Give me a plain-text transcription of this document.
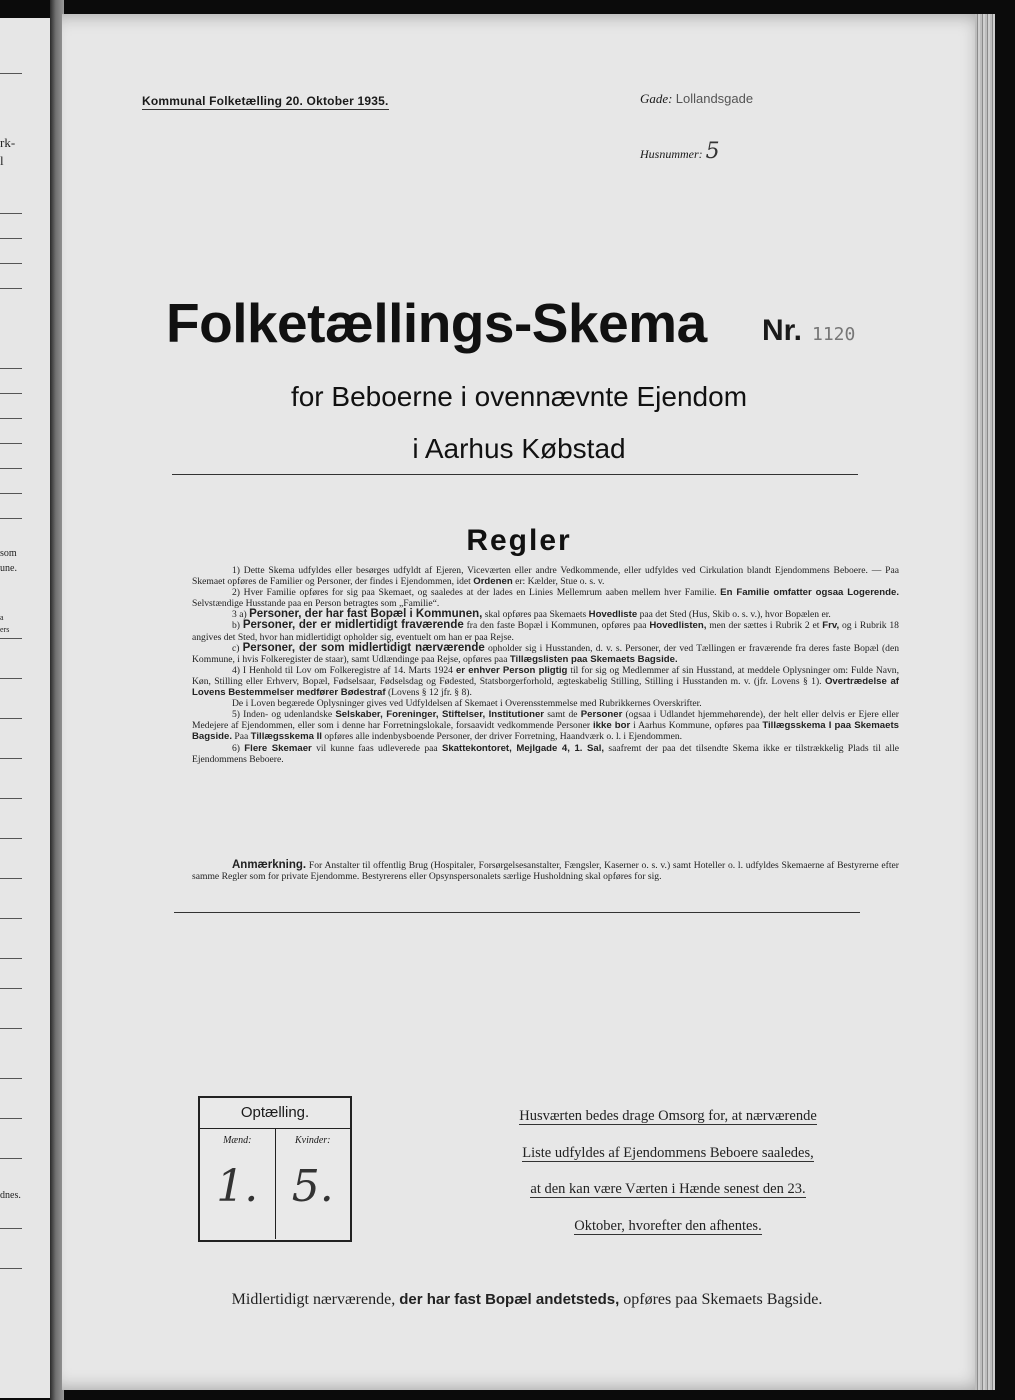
rk-
l
som
une.
a
ers
dnes.
Kommunal Folketælling 20. Oktober 1935.	Gade: Lollandsgade
Husnummer: 5
Folketællings-Skema Nr. 1120
for Beboerne i ovennævnte Ejendom
i Aarhus Købstad
Regler

1) Dette Skema udfyldes eller besørges udfyldt af Ejeren, Viceværten eller andre Vedkommende, eller udfyldes ved Cirkulation blandt Ejendommens Beboere. — Paa Skemaet opføres de Familier og Personer, der findes i Ejendommen, idet Ordenen er: Kælder, Stue o. s. v.

2) Hver Familie opføres for sig paa Skemaet, og saaledes at der lades en Linies Mellemrum aaben mellem hver Familie. En Familie omfatter ogsaa Logerende. Selvstændige Husstande paa en Person betragtes som „Familie“.

3 a) Personer, der har fast Bopæl i Kommunen, skal opføres paa Skemaets Hovedliste paa det Sted (Hus, Skib o. s. v.), hvor Bopælen er.

b) Personer, der er midlertidigt fraværende fra den faste Bopæl i Kommunen, opføres paa Hovedlisten, men der sættes i Rubrik 2 et Frv, og i Rubrik 18 angives det Sted, hvor han midlertidigt opholder sig, eventuelt om han er paa Rejse.

c) Personer, der som midlertidigt nærværende opholder sig i Husstanden, d. v. s. Personer, der ved Tællingen er fraværende fra deres faste Bopæl (den Kommune, i hvis Folkeregister de staar), samt Udlændinge paa Rejse, opføres paa Tillægslisten paa Skemaets Bagside.

4) I Henhold til Lov om Folkeregistre af 14. Marts 1924 er enhver Person pligtig til for sig og Medlemmer af sin Husstand, at meddele Oplysninger om: Fulde Navn, Køn, Stilling eller Erhverv, Bopæl, Fødselsaar, Fødselsdag og Fødested, Statsborgerforhold, ægteskabelig Stilling, Stilling i Husstanden m. v. (jfr. Lovens § 1). Overtrædelse af Lovens Bestemmelser medfører Bødestraf (Lovens § 12 jfr. § 8).

De i Loven begærede Oplysninger gives ved Udfyldelsen af Skemaet i Overensstemmelse med Rubrikkernes Overskrifter.

5) Inden- og udenlandske Selskaber, Foreninger, Stiftelser, Institutioner samt de Personer (ogsaa i Udlandet hjemmehørende), der helt eller delvis er Ejere eller Medejere af Ejendommen, eller som i denne har Forretningslokale, forsaavidt vedkommende Personer ikke bor i Aarhus Kommune, opføres paa Tillægsskema I paa Skemaets Bagside. Paa Tillægsskema II opføres alle indenbysboende Personer, der driver Forretning, Haandværk o. l. i Ejendommen.

6) Flere Skemaer vil kunne faas udleverede paa Skattekontoret, Mejlgade 4, 1. Sal, saafremt der paa det tilsendte Skema ikke er tilstrækkelig Plads til alle Ejendommens Beboere.

Anmærkning. For Anstalter til offentlig Brug (Hospitaler, Forsørgelsesanstalter, Fængsler, Kaserner o. s. v.) samt Hoteller o. l. udfyldes Skemaerne af Bestyrerne efter samme Regler som for private Ejendomme. Bestyrerens eller Opsynspersonalets særlige Husholdning skal opføres for sig.

Optælling.
Mænd:
1.
Kvinder:
5.
Husværten bedes drage Omsorg for, at nærværende
Liste udfyldes af Ejendommens Beboere saaledes,
at den kan være Værten i Hænde senest den 23.
Oktober, hvorefter den afhentes.
Midlertidigt nærværende, der har fast Bopæl andetsteds, opføres paa Skemaets Bagside.
